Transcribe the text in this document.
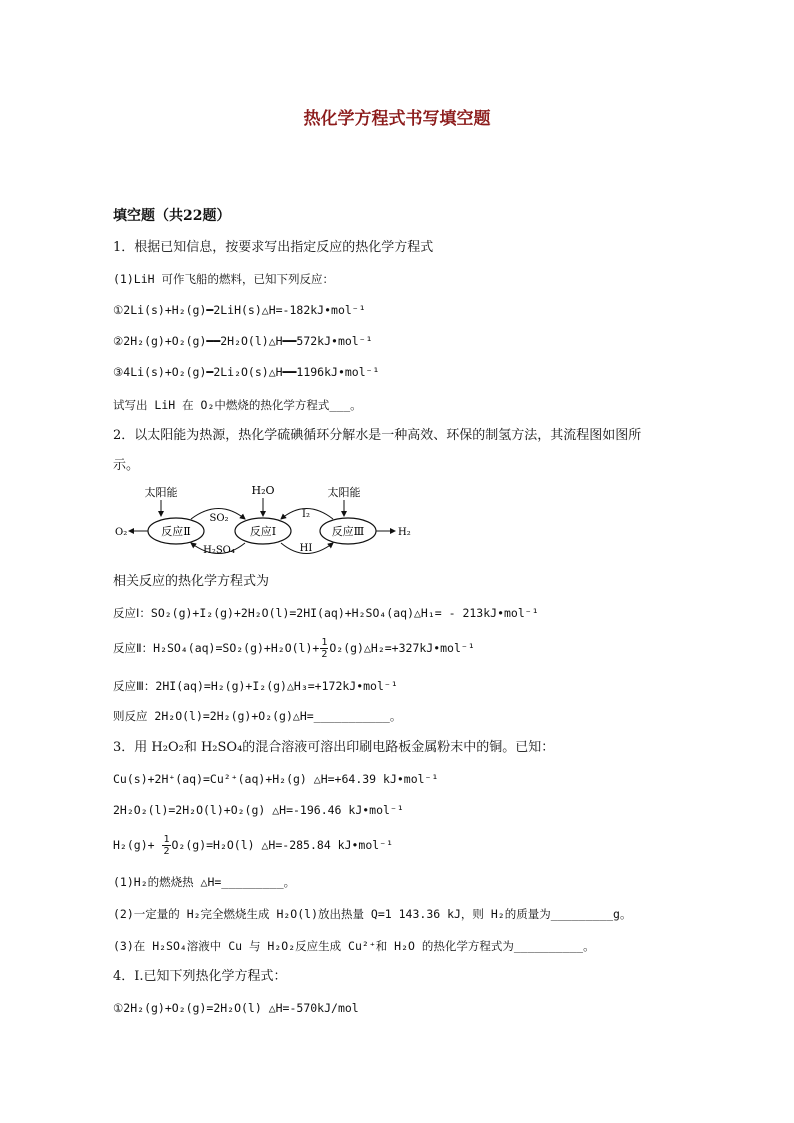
热化学方程式书写填空题
填空题（共22题）
1．根据已知信息，按要求写出指定反应的热化学方程式
(1)LiH 可作飞船的燃料，已知下列反应：
①2Li(s)+H₂(g)━2LiH(s)△H=-182kJ•mol⁻¹
②2H₂(g)+O₂(g)━━2H₂O(l)△H━━572kJ•mol⁻¹
③4Li(s)+O₂(g)━2Li₂O(s)△H━━1196kJ•mol⁻¹
试写出 LiH 在 O₂中燃烧的热化学方程式___。
2．以太阳能为热源，热化学硫碘循环分解水是一种高效、环保的制氢方法，其流程图如图所
示。
太阳能	H₂O	太阳能
反应Ⅱ	反应Ⅰ	反应Ⅲ
O₂	H₂
SO₂
H₂SO₄
I₂
HI
相关反应的热化学方程式为
反应Ⅰ：SO₂(g)+I₂(g)+2H₂O(l)=2HI(aq)+H₂SO₄(aq)△H₁= - 213kJ•mol⁻¹
反应Ⅱ：$H_2SO_4(aq)=SO_2(g)+H_2O(l)+ \frac{1}{2}$ O₂(g)△H₂=+327kJ•mol⁻¹
反应Ⅲ：2HI(aq)=H₂(g)+I₂(g)△H₃=+172kJ•mol⁻¹
则反应 2H₂O(l)=2H₂(g)+O₂(g)△H=___________。
3．用 H₂O₂和 H₂SO₄的混合溶液可溶出印刷电路板金属粉末中的铜。已知：
Cu(s)+2H⁺(aq)=Cu²⁺(aq)+H₂(g) △H=+64.39 kJ•mol⁻¹
2H₂O₂(l)=2H₂O(l)+O₂(g) △H=-196.46 kJ•mol⁻¹
$H_2(g)+ \frac{1}{2} O_2(g)=H_2O(l)$ △H=-285.84 kJ•mol⁻¹
(1)H₂的燃烧热 △H=_________。
(2)一定量的 H₂完全燃烧生成 H₂O(l)放出热量 Q=1 143.36 kJ，则 H₂的质量为_________g。
(3)在 H₂SO₄溶液中 Cu 与 H₂O₂反应生成 Cu²⁺和 H₂O 的热化学方程式为__________。
4．Ⅰ.已知下列热化学方程式：
①2H₂(g)+O₂(g)=2H₂O(l) △H=-570kJ/mol
